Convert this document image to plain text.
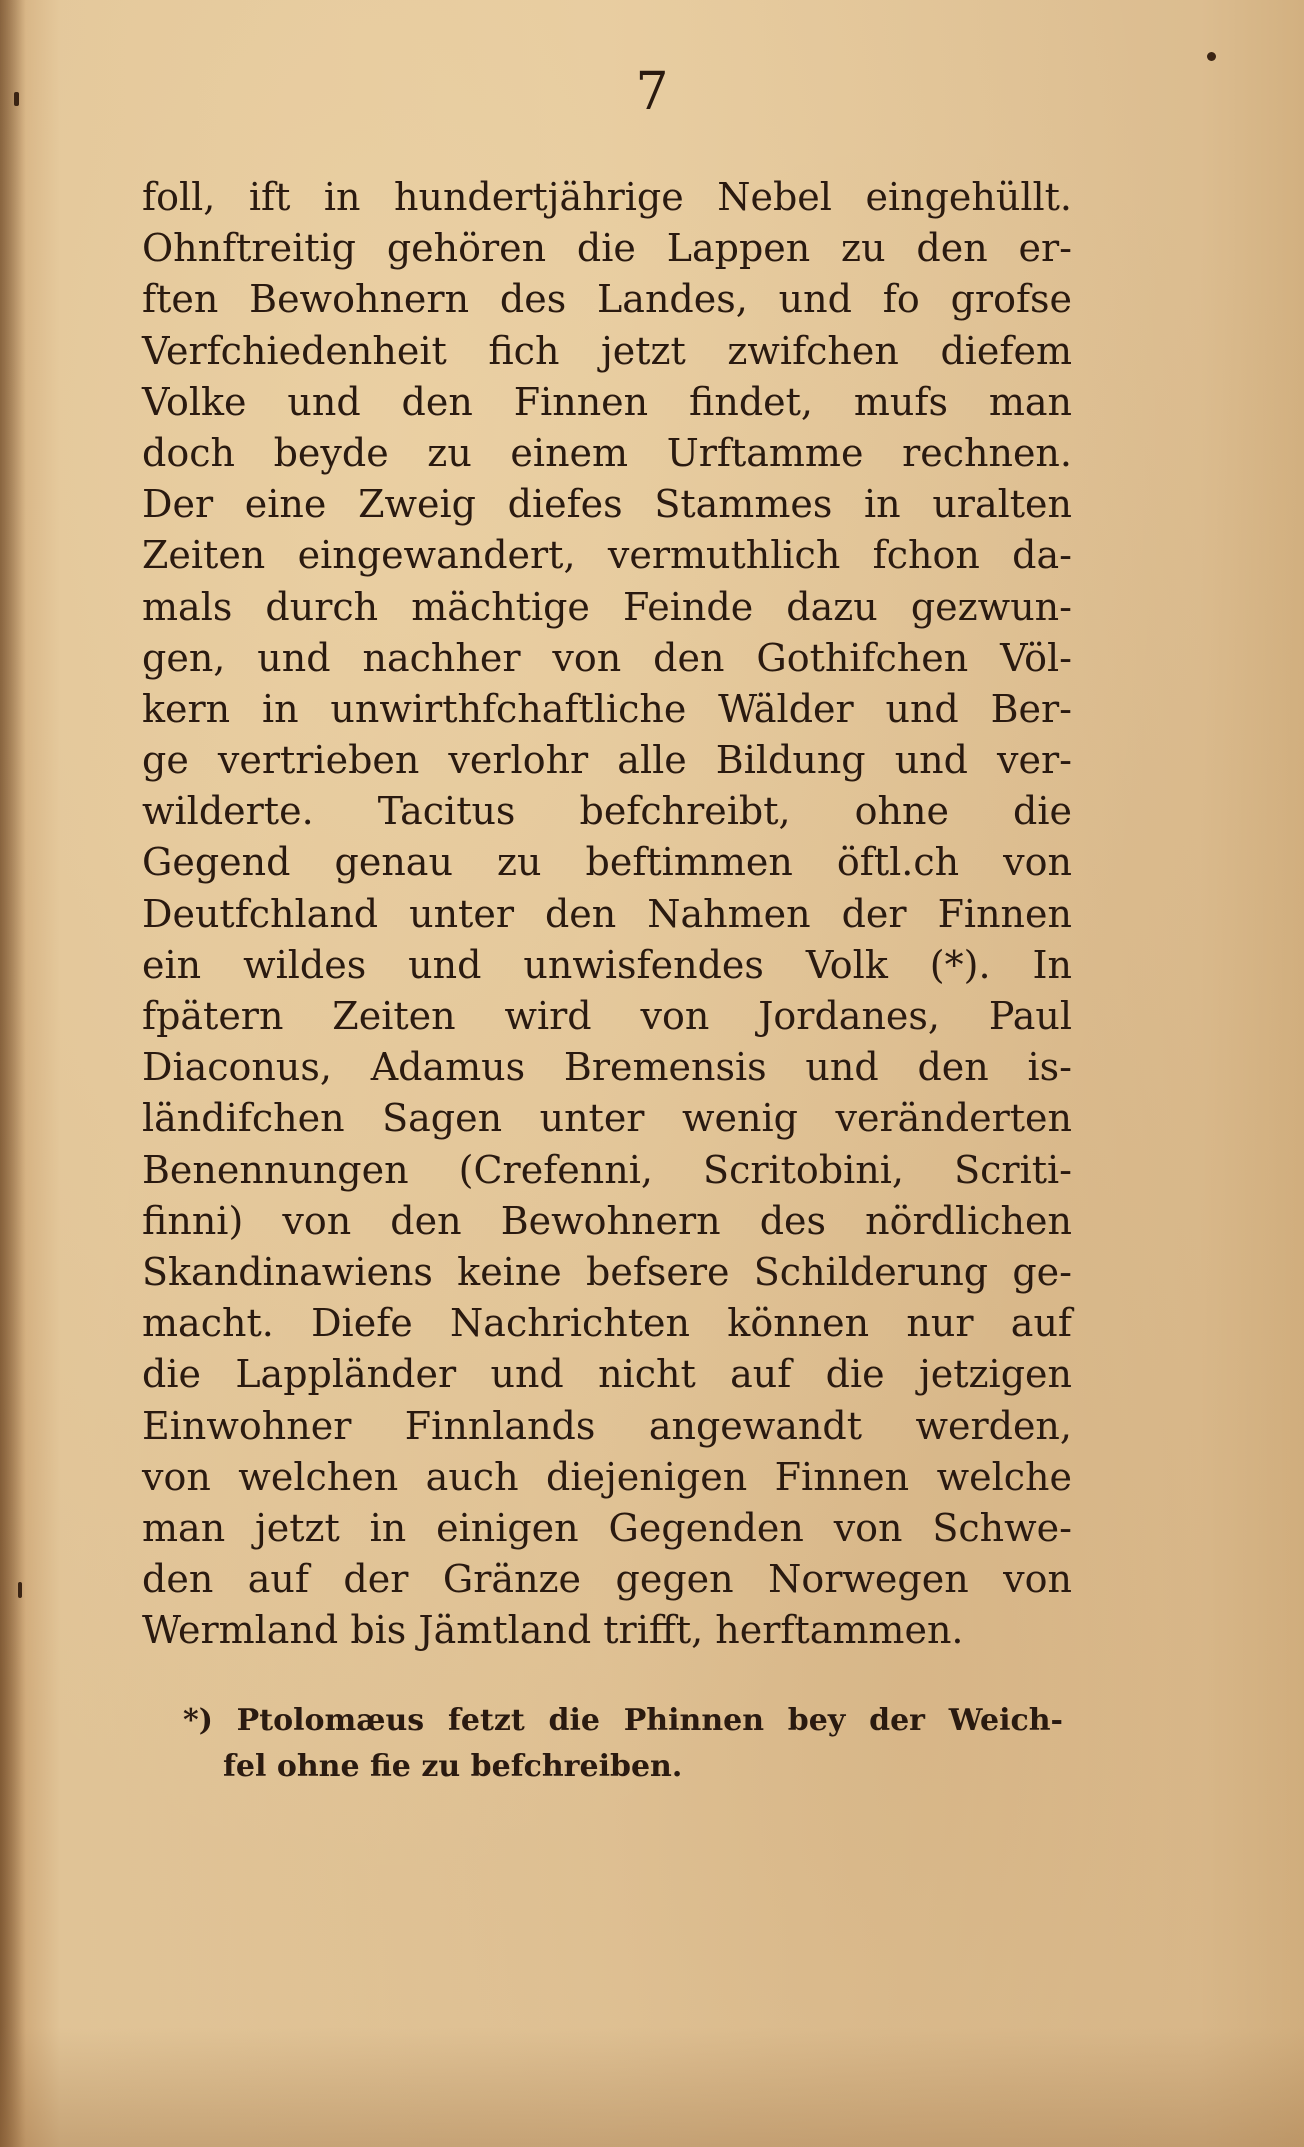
7
foll, ift in hundertjährige Nebel eingehüllt.
Ohnftreitig gehören die Lappen zu den er-
ften Bewohnern des Landes, und fo grofse
Verfchiedenheit fich jetzt zwifchen diefem
Volke und den Finnen findet, mufs man
doch beyde zu einem Urftamme rechnen.
Der eine Zweig diefes Stammes in uralten
Zeiten eingewandert, vermuthlich fchon da-
mals durch mächtige Feinde dazu gezwun-
gen, und nachher von den Gothifchen Völ-
kern in unwirthfchaftliche Wälder und Ber-
ge vertrieben verlohr alle Bildung und ver-
wilderte. Tacitus befchreibt, ohne die
Gegend genau zu beftimmen öftl.ch von
Deutfchland unter den Nahmen der Finnen
ein wildes und unwisfendes Volk (*). In
fpätern Zeiten wird von Jordanes, Paul
Diaconus, Adamus Bremensis und den is-
ländifchen Sagen unter wenig veränderten
Benennungen (Crefenni, Scritobini, Scriti-
finni) von den Bewohnern des nördlichen
Skandinawiens keine befsere Schilderung ge-
macht. Diefe Nachrichten können nur auf
die Lappländer und nicht auf die jetzigen
Einwohner Finnlands angewandt werden,
von welchen auch diejenigen Finnen welche
man jetzt in einigen Gegenden von Schwe-
den auf der Gränze gegen Norwegen von
Wermland bis Jämtland trifft, herftammen.
*) Ptolomæus fetzt die Phinnen bey der Weich-
fel ohne fie zu befchreiben.
